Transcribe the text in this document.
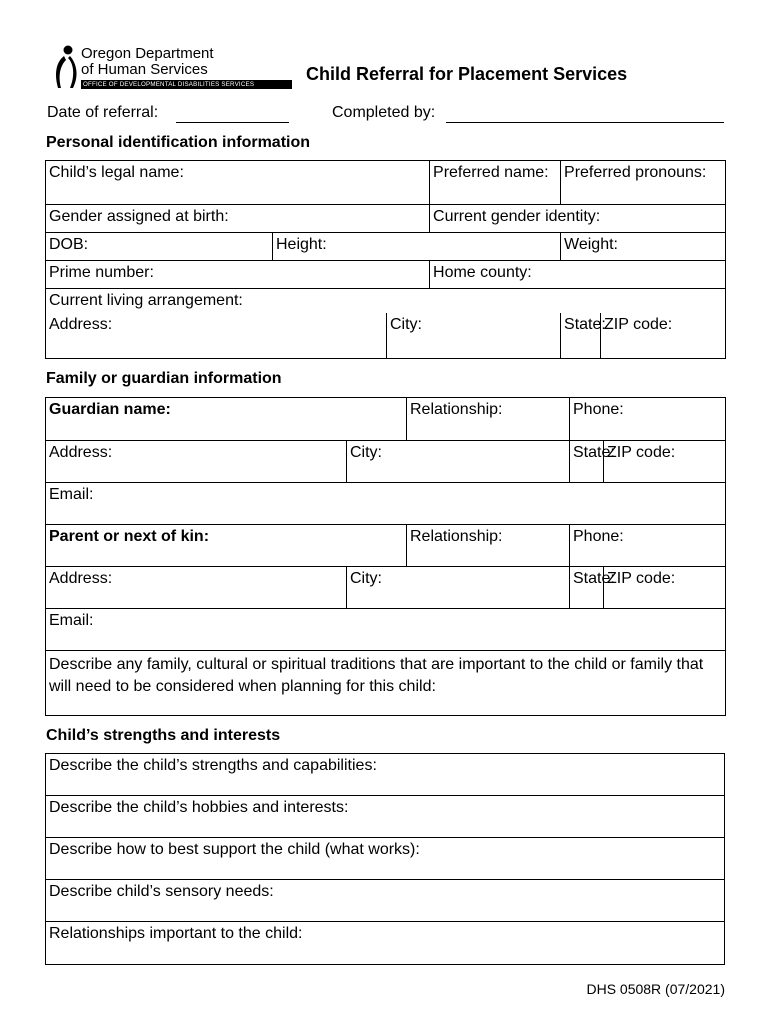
Oregon Department
of Human Services
OFFICE OF DEVELOPMENTAL DISABILITIES SERVICES
Child Referral for Placement Services
Date of referral:	Completed by:
Personal identification information
Child’s legal name:			Preferred name:	Preferred pronouns:	
Gender assigned at birth:			Current gender identity:		
DOB:	Height:			Weight:	
Prime number:			Home county:		
Current living arrangement:					
Address:		City:		State:	ZIP code:
Family or guardian information
Guardian name:		Relationship:	Phone:	
Address:	City:		State:	ZIP code:
Email:				
Parent or next of kin:		Relationship:	Phone:	
Address:	City:		State:	ZIP code:
Email:				
Describe any family, cultural or spiritual traditions that are important to the child or family that will need to be considered when planning for this child:				
Child’s strengths and interests
Describe the child’s strengths and capabilities:
Describe the child’s hobbies and interests:
Describe how to best support the child (what works):
Describe child’s sensory needs:
Relationships important to the child:
DHS 0508R (07/2021)
